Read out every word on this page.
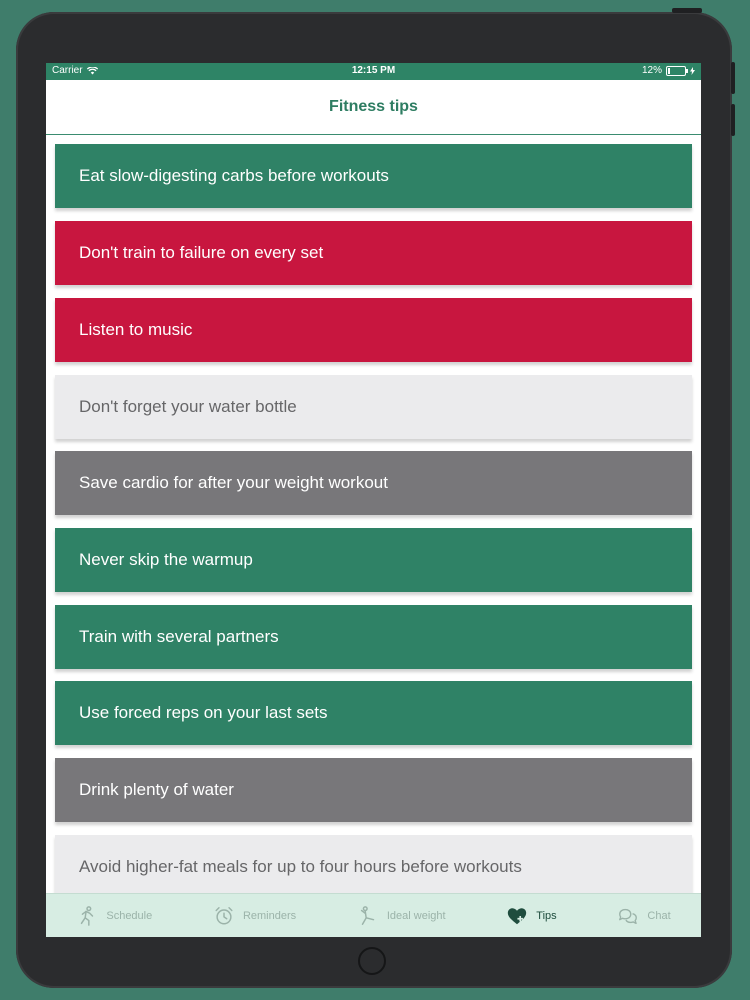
Carrier	12:15 PM	12%
Fitness tips
Eat slow-digesting carbs before workouts
Don't train to failure on every set
Listen to music
Don't forget your water bottle
Save cardio for after your weight workout
Never skip the warmup
Train with several partners
Use forced reps on your last sets
Drink plenty of water
Avoid higher-fat meals for up to four hours before workouts
Schedule	Reminders	Ideal weight	Tips	Chat
